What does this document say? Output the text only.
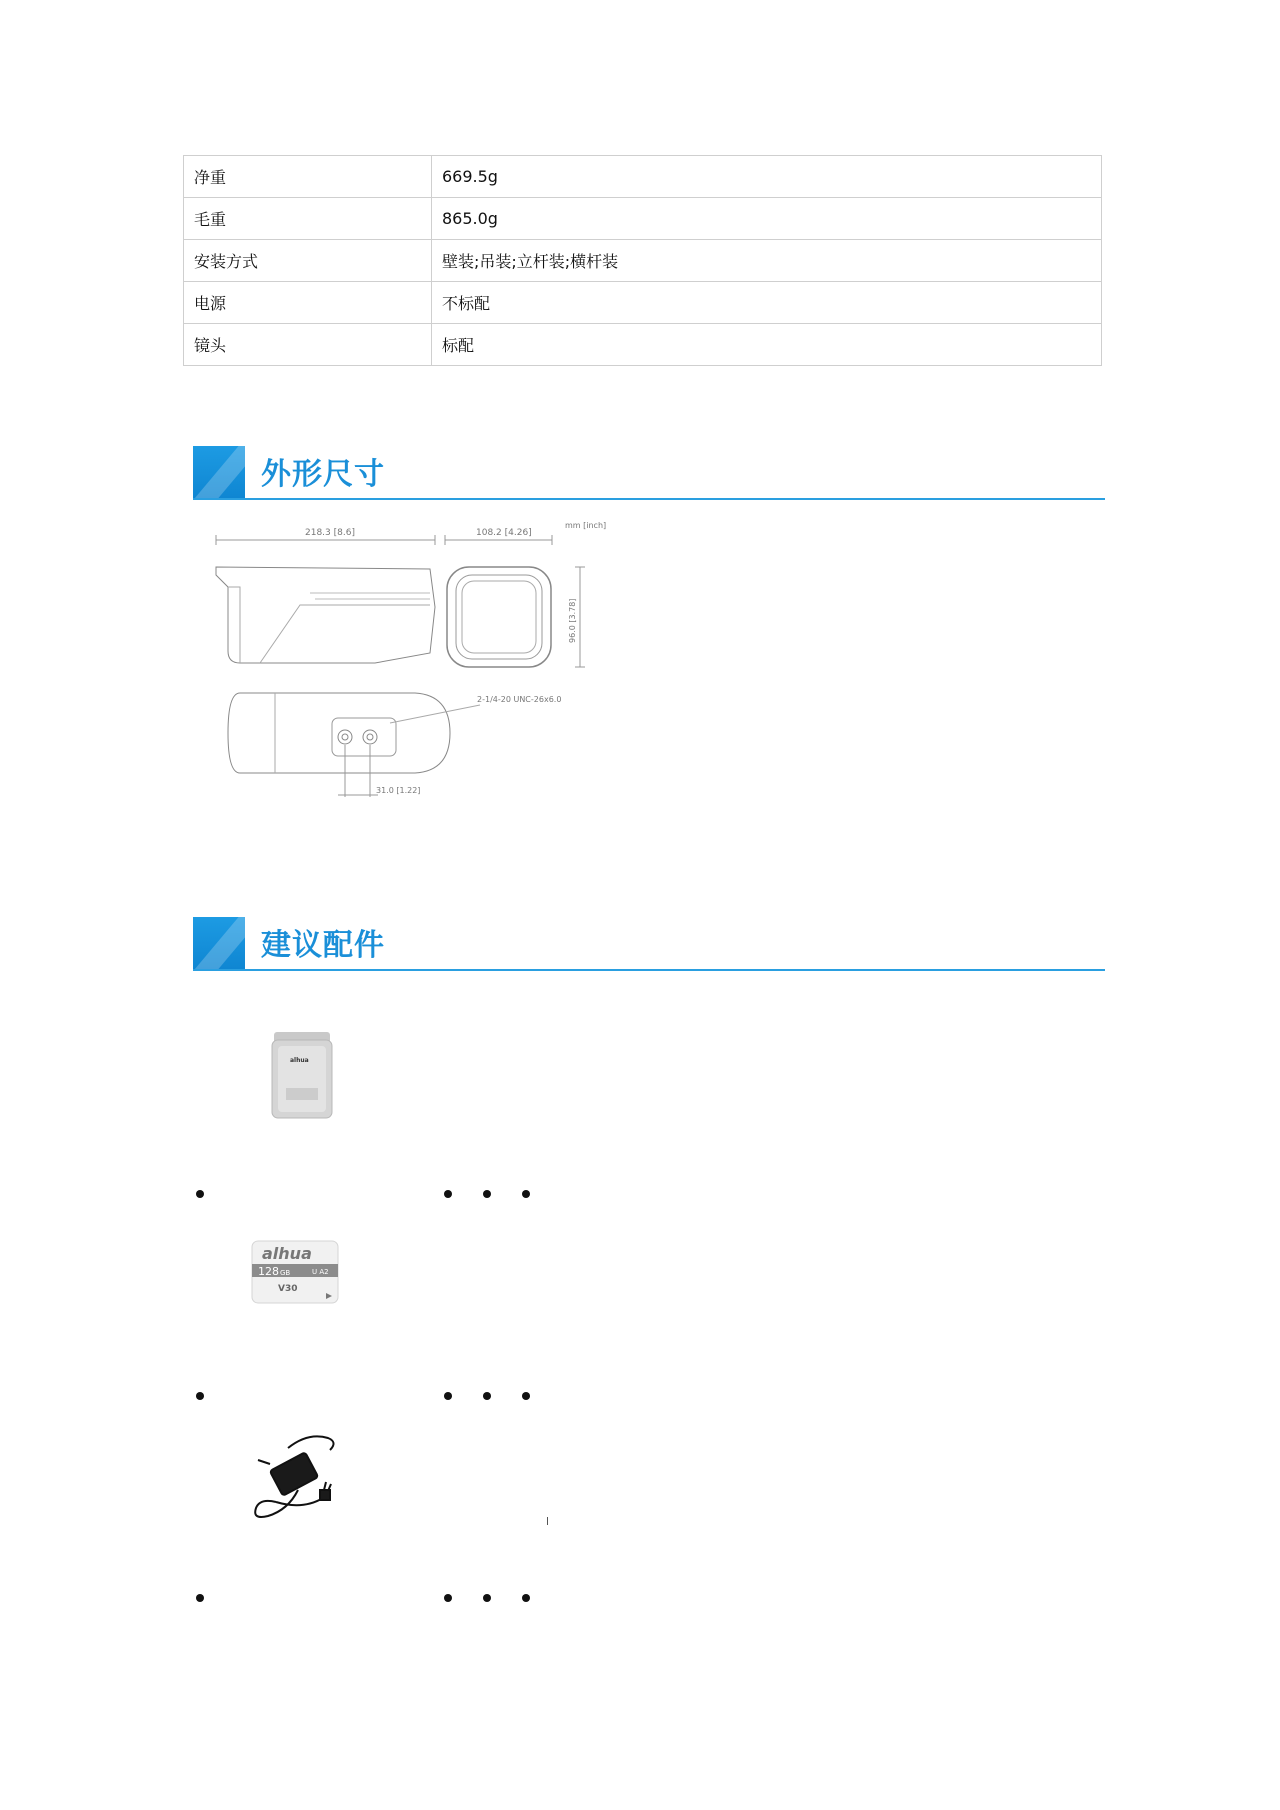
净重	669.5g
毛重	865.0g
安装方式	壁装;吊装;立杆装;横杆装
电源	不标配
镜头	标配
外形尺寸
218.3 [8.6]	108.2 [4.26]
mm [inch]
96.0 [3.78]
2-1/4-20 UNC-26x6.0
31.0 [1.22]
建议配件
alhua
alhua
128 GB	U A2
V30
